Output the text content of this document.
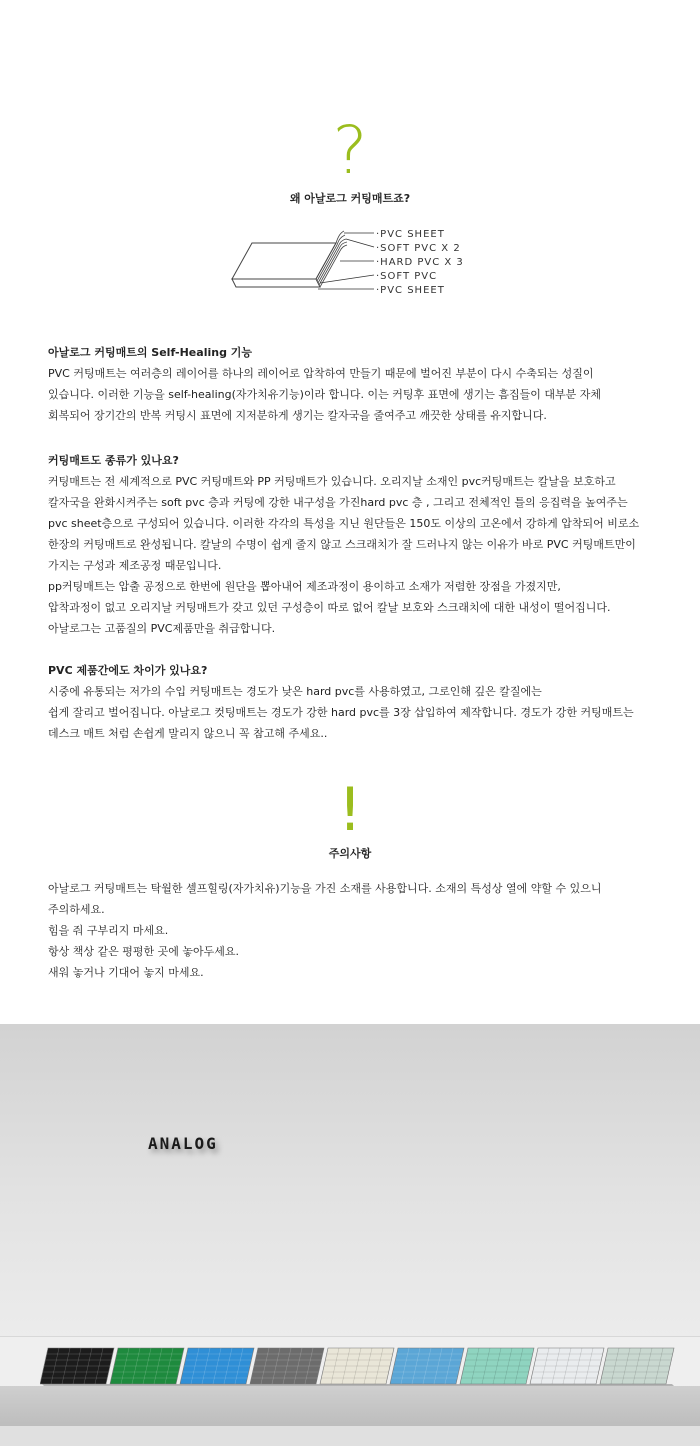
?
왜 아날로그 커팅매트죠?
·PVC SHEET
·SOFT PVC X 2
·HARD PVC X 3
·SOFT PVC
·PVC SHEET

아날로그 커팅매트의 Self-Healing 기능

PVC 커팅매트는 여러층의 레이어를 하나의 레이어로 압착하여 만들기 때문에 벌어진 부분이 다시 수축되는 성질이

있습니다. 이러한 기능을 self-healing(자가치유기능)이라 합니다. 이는 커팅후 표면에 생기는 흠집들이 대부분 자체

회복되어 장기간의 반복 커팅시 표면에 지저분하게 생기는 칼자국을 줄여주고 깨끗한 상태를 유지합니다.

커팅매트도 종류가 있나요?

커팅매트는 전 세계적으로 PVC 커팅매트와 PP 커팅매트가 있습니다. 오리지날 소재인 pvc커팅매트는 칼날을 보호하고

칼자국을 완화시켜주는 soft pvc 층과 커팅에 강한 내구성을 가진hard pvc 층 , 그리고 전체적인 틀의 응집력을 높여주는

pvc sheet층으로 구성되어 있습니다. 이러한 각각의 특성을 지닌 원단들은 150도 이상의 고온에서 강하게 압착되어 비로소

한장의 커팅매트로 완성됩니다. 칼날의 수명이 쉽게 줄지 않고 스크래치가 잘 드러나지 않는 이유가 바로 PVC 커팅매트만이

가지는 구성과 제조공정 때문입니다.

pp커팅매트는 압출 공정으로 한번에 원단을 뽑아내어 제조과정이 용이하고 소재가 저렴한 장점을 가졌지만,

압착과정이 없고 오리지날 커팅매트가 갖고 있던 구성층이 따로 없어 칼날 보호와 스크래치에 대한 내성이 떨어집니다.

아날로그는 고품질의 PVC제품만을 취급합니다.

PVC 제품간에도 차이가 있나요?

시중에 유통되는 저가의 수입 커팅매트는 경도가 낮은 hard pvc를 사용하였고, 그로인해 깊은 칼질에는

쉽게 잘리고 벌어집니다. 아날로그 컷팅매트는 경도가 강한 hard pvc를 3장 삽입하여 제작합니다. 경도가 강한 커팅매트는

데스크 매트 처럼 손쉽게 말리지 않으니 꼭 참고해 주세요..

!
주의사항

아날로그 커팅매트는 탁월한 셀프힐링(자가치유)기능을 가진 소재를 사용합니다. 소재의 특성상 열에 약할 수 있으니

주의하세요.

힘을 줘 구부리지 마세요.

항상 책상 같은 평평한 곳에 놓아두세요.

새워 놓거나 기대어 놓지 마세요.

ANALOG
